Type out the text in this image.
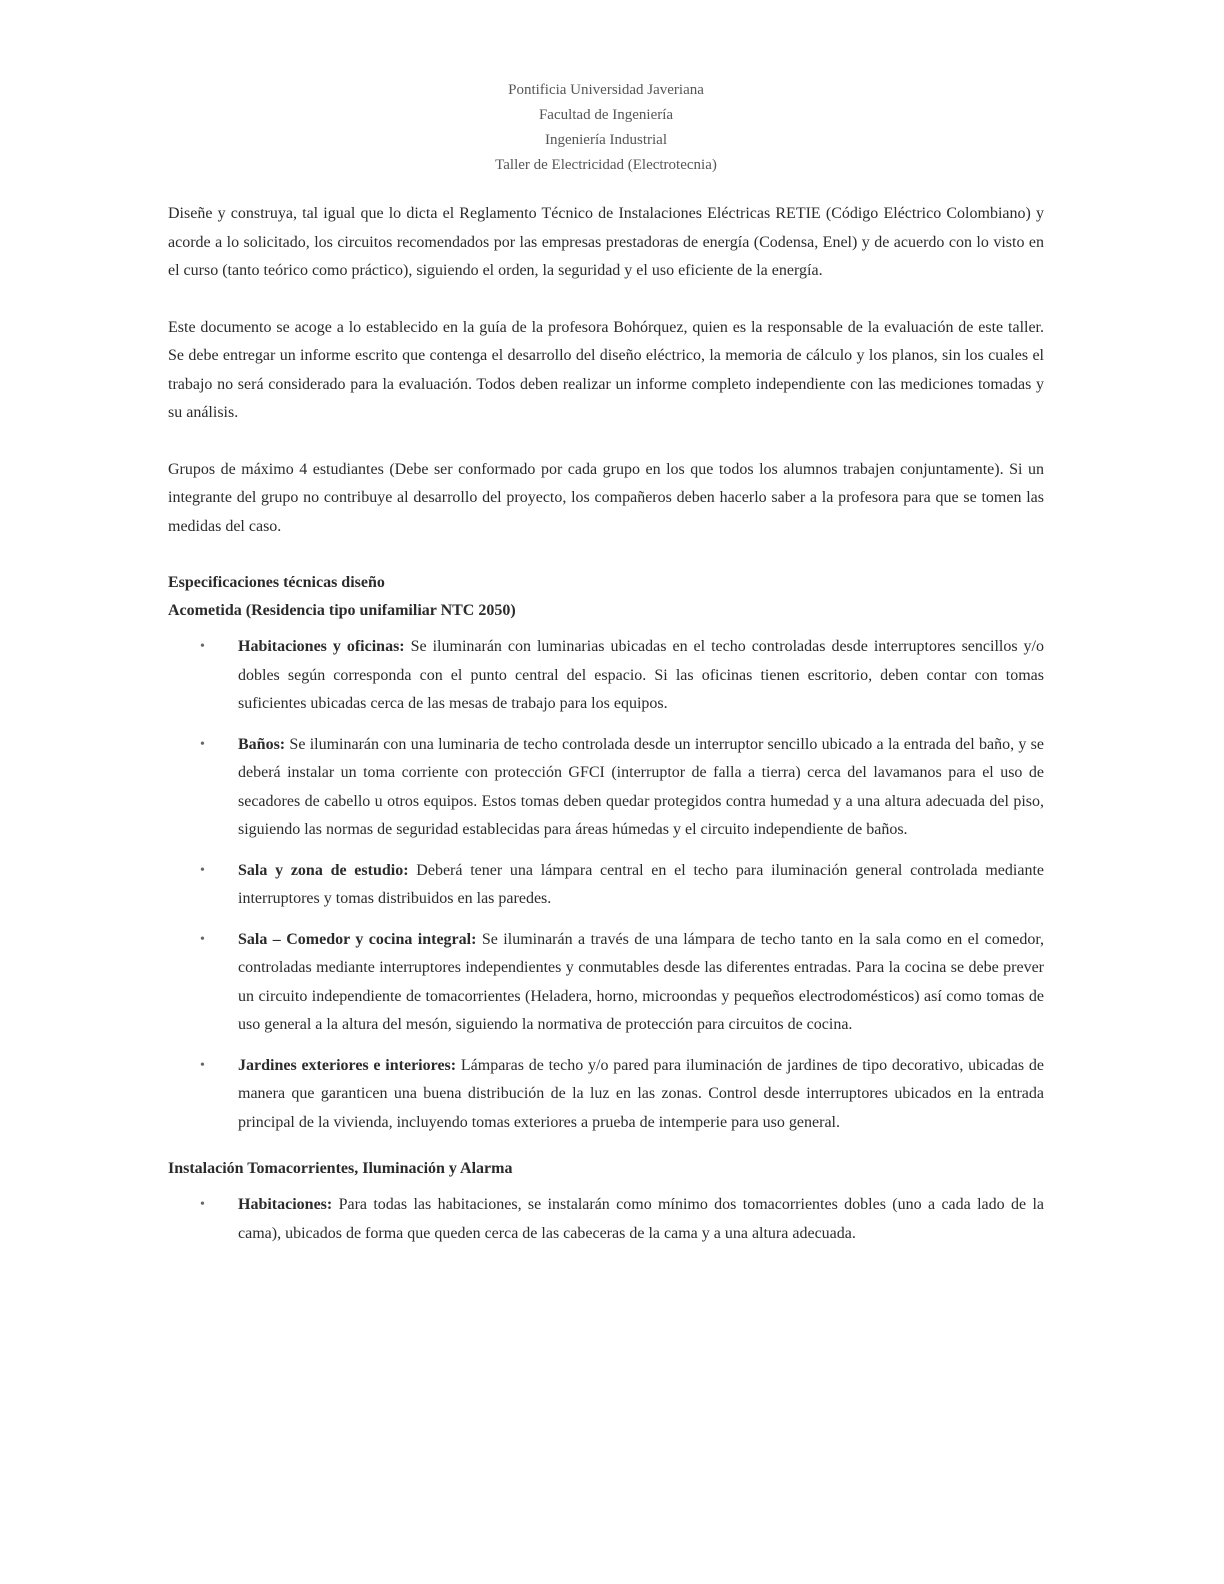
Pontificia Universidad Javeriana
Facultad de Ingeniería
Ingeniería Industrial
Taller de Electricidad (Electrotecnia)

Diseñe y construya, tal igual que lo dicta el Reglamento Técnico de Instalaciones Eléctricas RETIE (Código Eléctrico Colombiano) y acorde a lo solicitado, los circuitos recomendados por las empresas prestadoras de energía (Codensa, Enel) y de acuerdo con lo visto en el curso (tanto teórico como práctico), siguiendo el orden, la seguridad y el uso eficiente de la energía.

Este documento se acoge a lo establecido en la guía de la profesora Bohórquez, quien es la responsable de la evaluación de este taller. Se debe entregar un informe escrito que contenga el desarrollo del diseño eléctrico, la memoria de cálculo y los planos, sin los cuales el trabajo no será considerado para la evaluación. Todos deben realizar un informe completo independiente con las mediciones tomadas y su análisis.

Grupos de máximo 4 estudiantes (Debe ser conformado por cada grupo en los que todos los alumnos trabajen conjuntamente). Si un integrante del grupo no contribuye al desarrollo del proyecto, los compañeros deben hacerlo saber a la profesora para que se tomen las medidas del caso.

Especificaciones técnicas diseño
Acometida (Residencia tipo unifamiliar NTC 2050)
• Habitaciones y oficinas: Se iluminarán con luminarias ubicadas en el techo controladas desde interruptores sencillos y/o dobles según corresponda con el punto central del espacio. Si las oficinas tienen escritorio, deben contar con tomas suficientes ubicadas cerca de las mesas de trabajo para los equipos.
• Baños: Se iluminarán con una luminaria de techo controlada desde un interruptor sencillo ubicado a la entrada del baño, y se deberá instalar un toma corriente con protección GFCI (interruptor de falla a tierra) cerca del lavamanos para el uso de secadores de cabello u otros equipos. Estos tomas deben quedar protegidos contra humedad y a una altura adecuada del piso, siguiendo las normas de seguridad establecidas para áreas húmedas y el circuito independiente de baños.
• Sala y zona de estudio: Deberá tener una lámpara central en el techo para iluminación general controlada mediante interruptores y tomas distribuidos en las paredes.
• Sala – Comedor y cocina integral: Se iluminarán a través de una lámpara de techo tanto en la sala como en el comedor, controladas mediante interruptores independientes y conmutables desde las diferentes entradas. Para la cocina se debe prever un circuito independiente de tomacorrientes (Heladera, horno, microondas y pequeños electrodomésticos) así como tomas de uso general a la altura del mesón, siguiendo la normativa de protección para circuitos de cocina.
• Jardines exteriores e interiores: Lámparas de techo y/o pared para iluminación de jardines de tipo decorativo, ubicadas de manera que garanticen una buena distribución de la luz en las zonas. Control desde interruptores ubicados en la entrada principal de la vivienda, incluyendo tomas exteriores a prueba de intemperie para uso general.
Instalación Tomacorrientes, Iluminación y Alarma
• Habitaciones: Para todas las habitaciones, se instalarán como mínimo dos tomacorrientes dobles (uno a cada lado de la cama), ubicados de forma que queden cerca de las cabeceras de la cama y a una altura adecuada.
